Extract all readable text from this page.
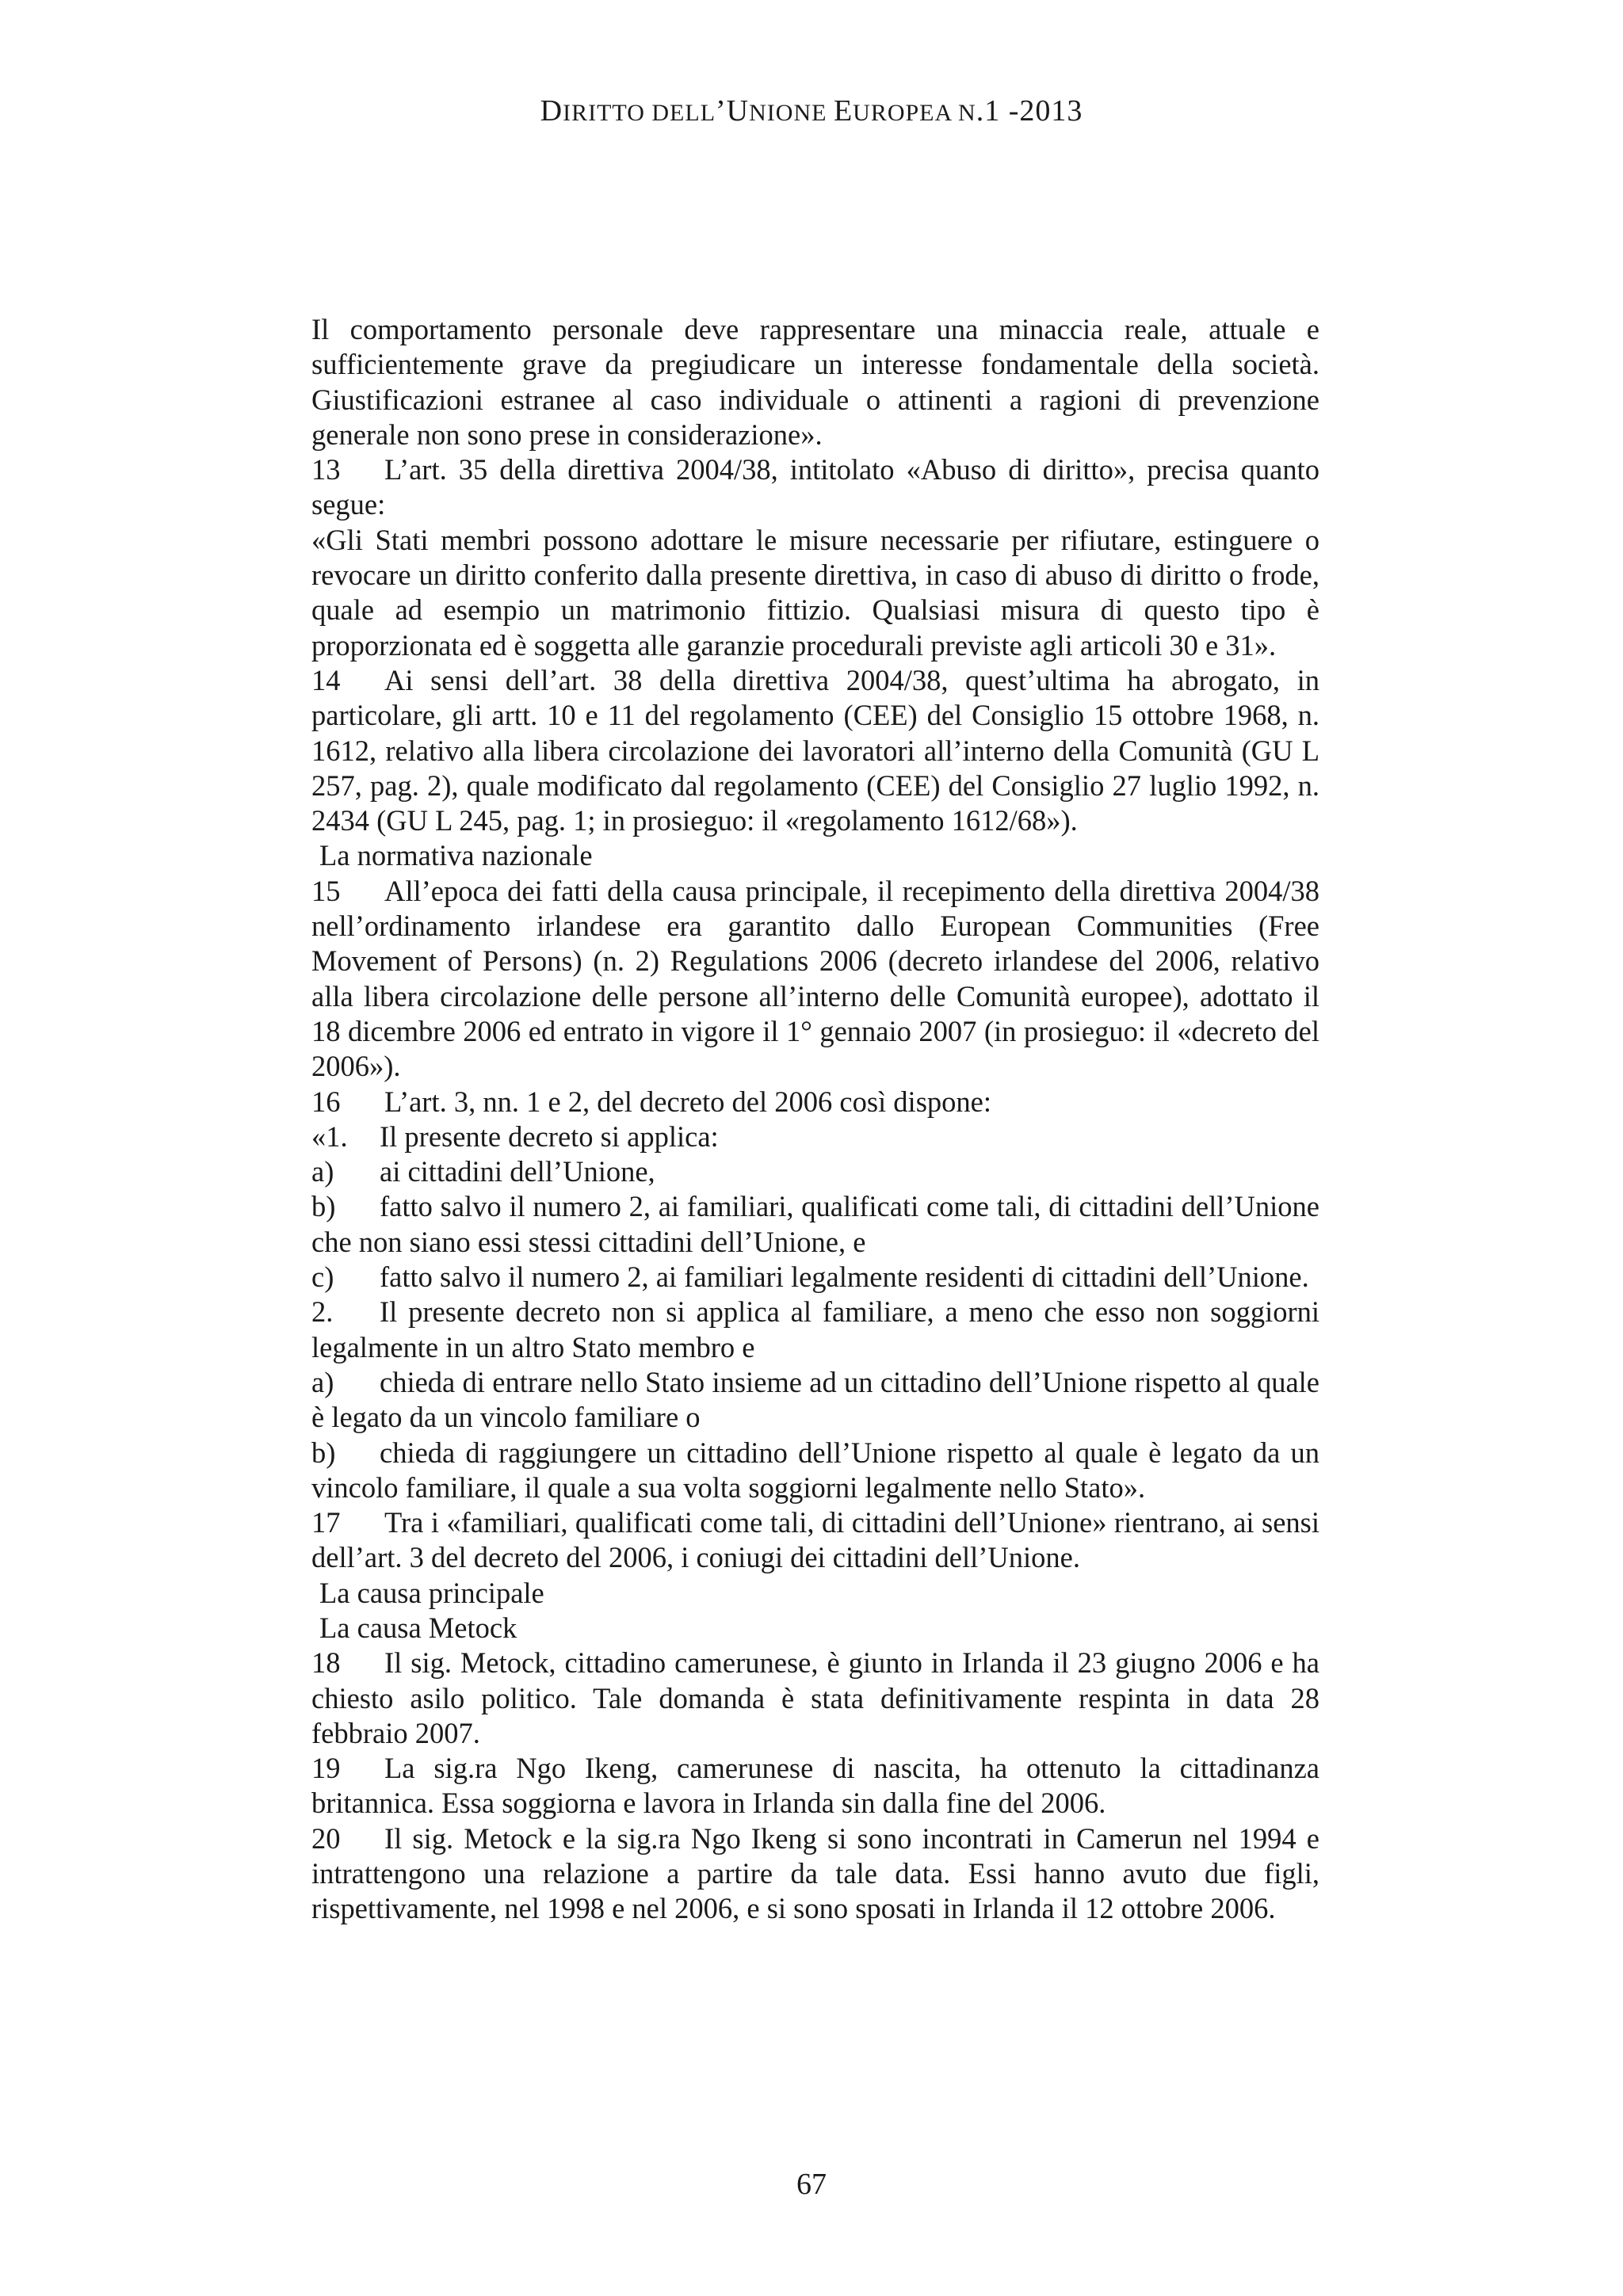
DIRITTO DELL’UNIONE EUROPEA N.1 -2013

Il comportamento personale deve rappresentare una minaccia reale, attuale e sufficientemente grave da pregiudicare un interesse fondamentale della società. Giustificazioni estranee al caso individuale o attinenti a ragioni di prevenzione generale non sono prese in considerazione».

13 L’art. 35 della direttiva 2004/38, intitolato «Abuso di diritto», precisa quanto segue:

«Gli Stati membri possono adottare le misure necessarie per rifiutare, estinguere o revocare un diritto conferito dalla presente direttiva, in caso di abuso di diritto o frode, quale ad esempio un matrimonio fittizio. Qualsiasi misura di questo tipo è proporzionata ed è soggetta alle garanzie procedurali previste agli articoli 30 e 31».

14 Ai sensi dell’art. 38 della direttiva 2004/38, quest’ultima ha abrogato, in particolare, gli artt. 10 e 11 del regolamento (CEE) del Consiglio 15 ottobre 1968, n. 1612, relativo alla libera circolazione dei lavoratori all’interno della Comunità (GU L 257, pag. 2), quale modificato dal regolamento (CEE) del Consiglio 27 luglio 1992, n. 2434 (GU L 245, pag. 1; in prosieguo: il «regolamento 1612/68»).

La normativa nazionale

15 All’epoca dei fatti della causa principale, il recepimento della direttiva 2004/38 nell’ordinamento irlandese era garantito dallo European Communities (Free Movement of Persons) (n. 2) Regulations 2006 (decreto irlandese del 2006, relativo alla libera circolazione delle persone all’interno delle Comunità europee), adottato il 18 dicembre 2006 ed entrato in vigore il 1° gennaio 2007 (in prosieguo: il «decreto del 2006»).

16 L’art. 3, nn. 1 e 2, del decreto del 2006 così dispone:

«1. Il presente decreto si applica:

a) ai cittadini dell’Unione,

b) fatto salvo il numero 2, ai familiari, qualificati come tali, di cittadini dell’Unione che non siano essi stessi cittadini dell’Unione, e

c) fatto salvo il numero 2, ai familiari legalmente residenti di cittadini dell’Unione.

2. Il presente decreto non si applica al familiare, a meno che esso non soggiorni legalmente in un altro Stato membro e

a) chieda di entrare nello Stato insieme ad un cittadino dell’Unione rispetto al quale è legato da un vincolo familiare o

b) chieda di raggiungere un cittadino dell’Unione rispetto al quale è legato da un vincolo familiare, il quale a sua volta soggiorni legalmente nello Stato».

17 Tra i «familiari, qualificati come tali, di cittadini dell’Unione» rientrano, ai sensi dell’art. 3 del decreto del 2006, i coniugi dei cittadini dell’Unione.

La causa principale

La causa Metock

18 Il sig. Metock, cittadino camerunese, è giunto in Irlanda il 23 giugno 2006 e ha chiesto asilo politico. Tale domanda è stata definitivamente respinta in data 28 febbraio 2007.

19 La sig.ra Ngo Ikeng, camerunese di nascita, ha ottenuto la cittadinanza britannica. Essa soggiorna e lavora in Irlanda sin dalla fine del 2006.

20 Il sig. Metock e la sig.ra Ngo Ikeng si sono incontrati in Camerun nel 1994 e intrattengono una relazione a partire da tale data. Essi hanno avuto due figli, rispettivamente, nel 1998 e nel 2006, e si sono sposati in Irlanda il 12 ottobre 2006.

67
